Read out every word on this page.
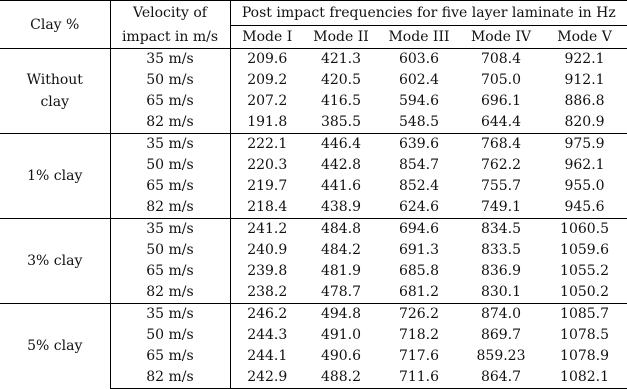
Clay %	Velocity of	Post impact frequencies for five layer laminate in Hz				
	impact in m/s	Mode I	Mode II	Mode III	Mode IV	Mode V

Without
clay	35 m/s	209.6	421.3	603.6	708.4	922.1
	50 m/s	209.2	420.5	602.4	705.0	912.1
	65 m/s	207.2	416.5	594.6	696.1	886.8
	82 m/s	191.8	385.5	548.5	644.4	820.9

1% clay	35 m/s	222.1	446.4	639.6	768.4	975.9
	50 m/s	220.3	442.8	854.7	762.2	962.1
	65 m/s	219.7	441.6	852.4	755.7	955.0
	82 m/s	218.4	438.9	624.6	749.1	945.6

3% clay	35 m/s	241.2	484.8	694.6	834.5	1060.5
	50 m/s	240.9	484.2	691.3	833.5	1059.6
	65 m/s	239.8	481.9	685.8	836.9	1055.2
	82 m/s	238.2	478.7	681.2	830.1	1050.2

5% clay	35 m/s	246.2	494.8	726.2	874.0	1085.7
	50 m/s	244.3	491.0	718.2	869.7	1078.5
	65 m/s	244.1	490.6	717.6	859.23	1078.9
	82 m/s	242.9	488.2	711.6	864.7	1082.1
